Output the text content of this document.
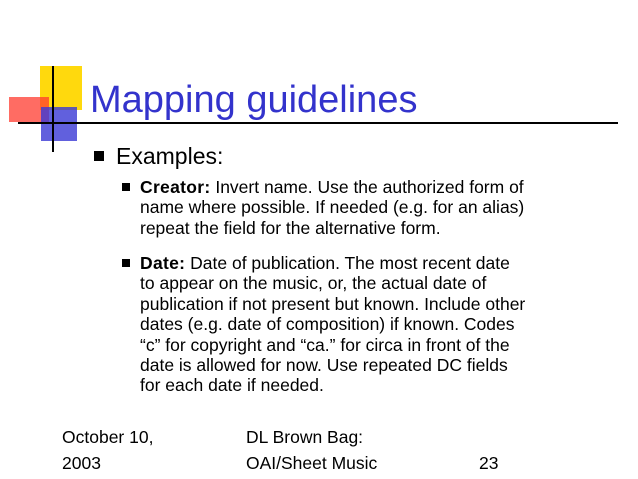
Mapping guidelines
Examples:
Creator: Invert name. Use the authorized form of
name where possible. If needed (e.g. for an alias)
repeat the field for the alternative form.
Date: Date of publication. The most recent date
to appear on the music, or, the actual date of
publication if not present but known. Include other
dates (e.g. date of composition) if known. Codes
“c” for copyright and “ca.” for circa in front of the
date is allowed for now. Use repeated DC fields
for each date if needed.
October 10,
2003
DL Brown Bag:
OAI/Sheet Music	23
